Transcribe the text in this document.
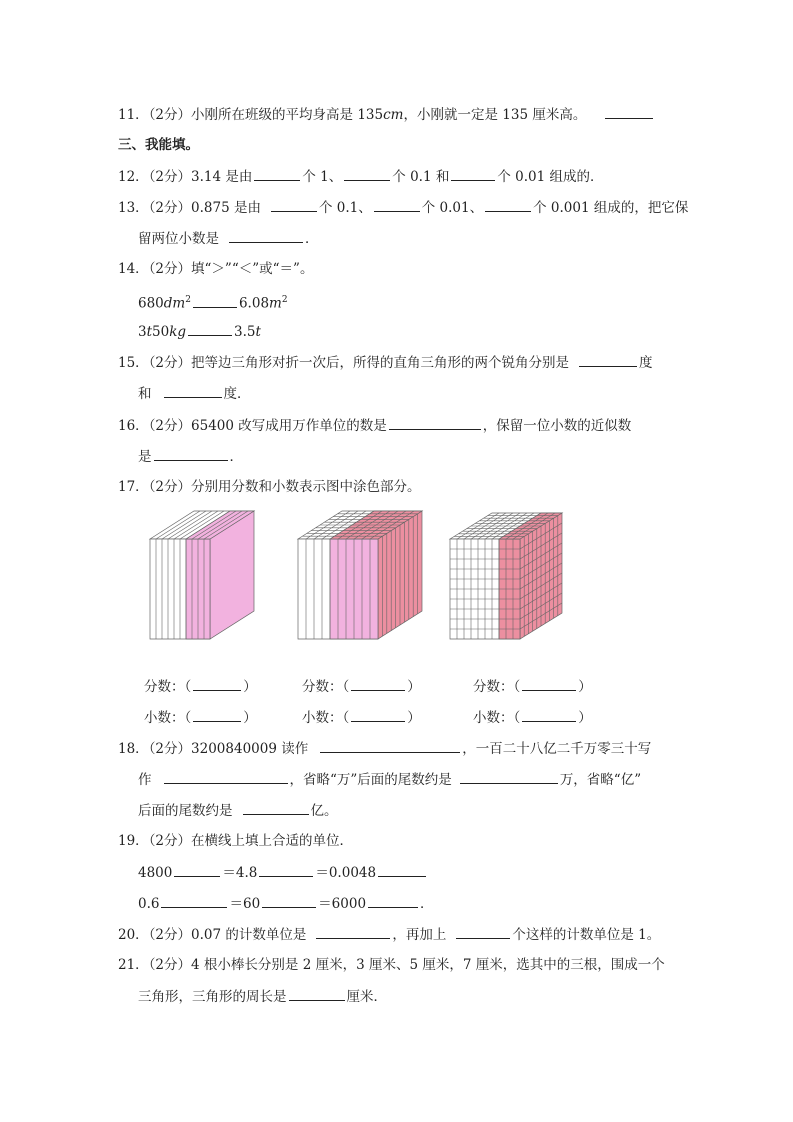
11．（2分）小刚所在班级的平均身高是 135cm，小刚就一定是 135 厘米高。
三、我能填。
12．（2分）3.14 是由	个 1、	个 0.1 和	个 0.01 组成的．
13．（2分）0.875 是由	个 0.1、	个 0.01、	个 0.001 组成的，把它保
留两位小数是	．
14．（2分）填“＞”“＜”或“＝”。
$680dm^2$	$6.08m^2$
3t50kg	3.5t
15．（2分）把等边三角形对折一次后，所得的直角三角形的两个锐角分别是	度
和	度．
16．（2分）65400 改写成用万作单位的数是	，保留一位小数的近似数
是	．
17．（2分）分别用分数和小数表示图中涂色部分。
分数：（	）
小数：（	）
分数：（	）
小数：（	）
分数：（	）
小数：（	）
18．（2分）3200840009 读作	，一百二十八亿二千万零三十写
作	，省略“万”后面的尾数约是	万，省略“亿”
后面的尾数约是	亿。
19．（2分）在横线上填上合适的单位．
4800	＝4.8	＝0.0048
0.6	＝60	＝6000	．
20．（2分）0.07 的计数单位是	，再加上	个这样的计数单位是 1。
21．（2分）4 根小棒长分别是 2 厘米，3 厘米、5 厘米，7 厘米，选其中的三根，围成一个
三角形，三角形的周长是	厘米．
